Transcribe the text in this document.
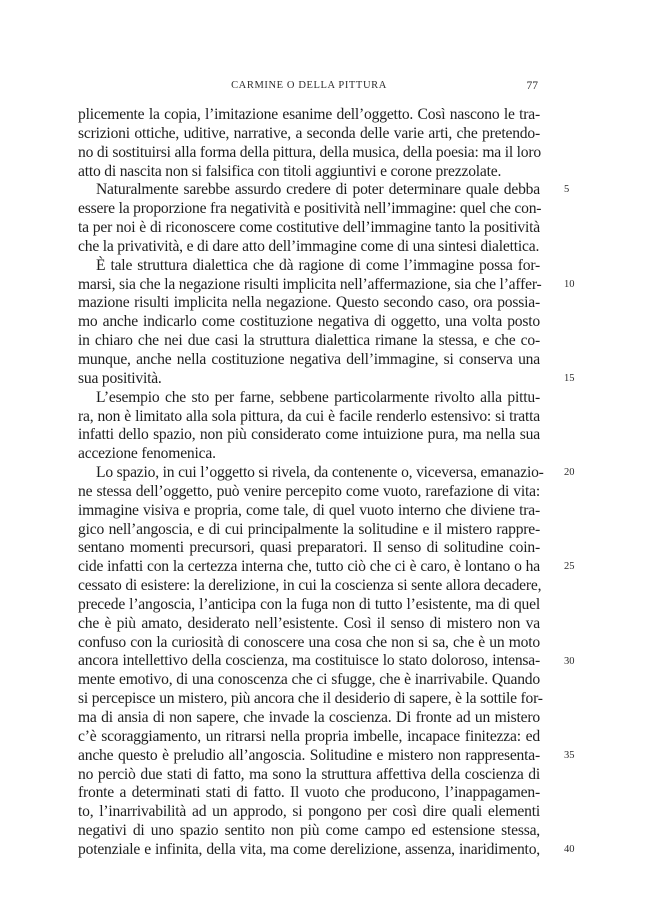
CARMINE O DELLA PITTURA	77
plicemente la copia, l’imitazione esanime dell’oggetto. Così nascono le tra-
scrizioni ottiche, uditive, narrative, a seconda delle varie arti, che pretendo-
no di sostituirsi alla forma della pittura, della musica, della poesia: ma il loro
atto di nascita non si falsifica con titoli aggiuntivi e corone prezzolate.
Naturalmente sarebbe assurdo credere di poter determinare quale debba
essere la proporzione fra negatività e positività nell’immagine: quel che con-
ta per noi è di riconoscere come costitutive dell’immagine tanto la positività
che la privatività, e di dare atto dell’immagine come di una sintesi dialettica.
È tale struttura dialettica che dà ragione di come l’immagine possa for-
marsi, sia che la negazione risulti implicita nell’affermazione, sia che l’affer-
mazione risulti implicita nella negazione. Questo secondo caso, ora possia-
mo anche indicarlo come costituzione negativa di oggetto, una volta posto
in chiaro che nei due casi la struttura dialettica rimane la stessa, e che co-
munque, anche nella costituzione negativa dell’immagine, si conserva una
sua positività.
L’esempio che sto per farne, sebbene particolarmente rivolto alla pittu-
ra, non è limitato alla sola pittura, da cui è facile renderlo estensivo: si tratta
infatti dello spazio, non più considerato come intuizione pura, ma nella sua
accezione fenomenica.
Lo spazio, in cui l’oggetto si rivela, da contenente o, viceversa, emanazio-
ne stessa dell’oggetto, può venire percepito come vuoto, rarefazione di vita:
immagine visiva e propria, come tale, di quel vuoto interno che diviene tra-
gico nell’angoscia, e di cui principalmente la solitudine e il mistero rappre-
sentano momenti precursori, quasi preparatori. Il senso di solitudine coin-
cide infatti con la certezza interna che, tutto ciò che ci è caro, è lontano o ha
cessato di esistere: la derelizione, in cui la coscienza si sente allora decadere,
precede l’angoscia, l’anticipa con la fuga non di tutto l’esistente, ma di quel
che è più amato, desiderato nell’esistente. Così il senso di mistero non va
confuso con la curiosità di conoscere una cosa che non si sa, che è un moto
ancora intellettivo della coscienza, ma costituisce lo stato doloroso, intensa-
mente emotivo, di una conoscenza che ci sfugge, che è inarrivabile. Quando
si percepisce un mistero, più ancora che il desiderio di sapere, è la sottile for-
ma di ansia di non sapere, che invade la coscienza. Di fronte ad un mistero
c’è scoraggiamento, un ritrarsi nella propria imbelle, incapace finitezza: ed
anche questo è preludio all’angoscia. Solitudine e mistero non rappresenta-
no perciò due stati di fatto, ma sono la struttura affettiva della coscienza di
fronte a determinati stati di fatto. Il vuoto che producono, l’inappagamen-
to, l’inarrivabilità ad un approdo, si pongono per così dire quali elementi
negativi di uno spazio sentito non più come campo ed estensione stessa,
potenziale e infinita, della vita, ma come derelizione, assenza, inaridimento,
5
10
15
20
25
30
35
40
